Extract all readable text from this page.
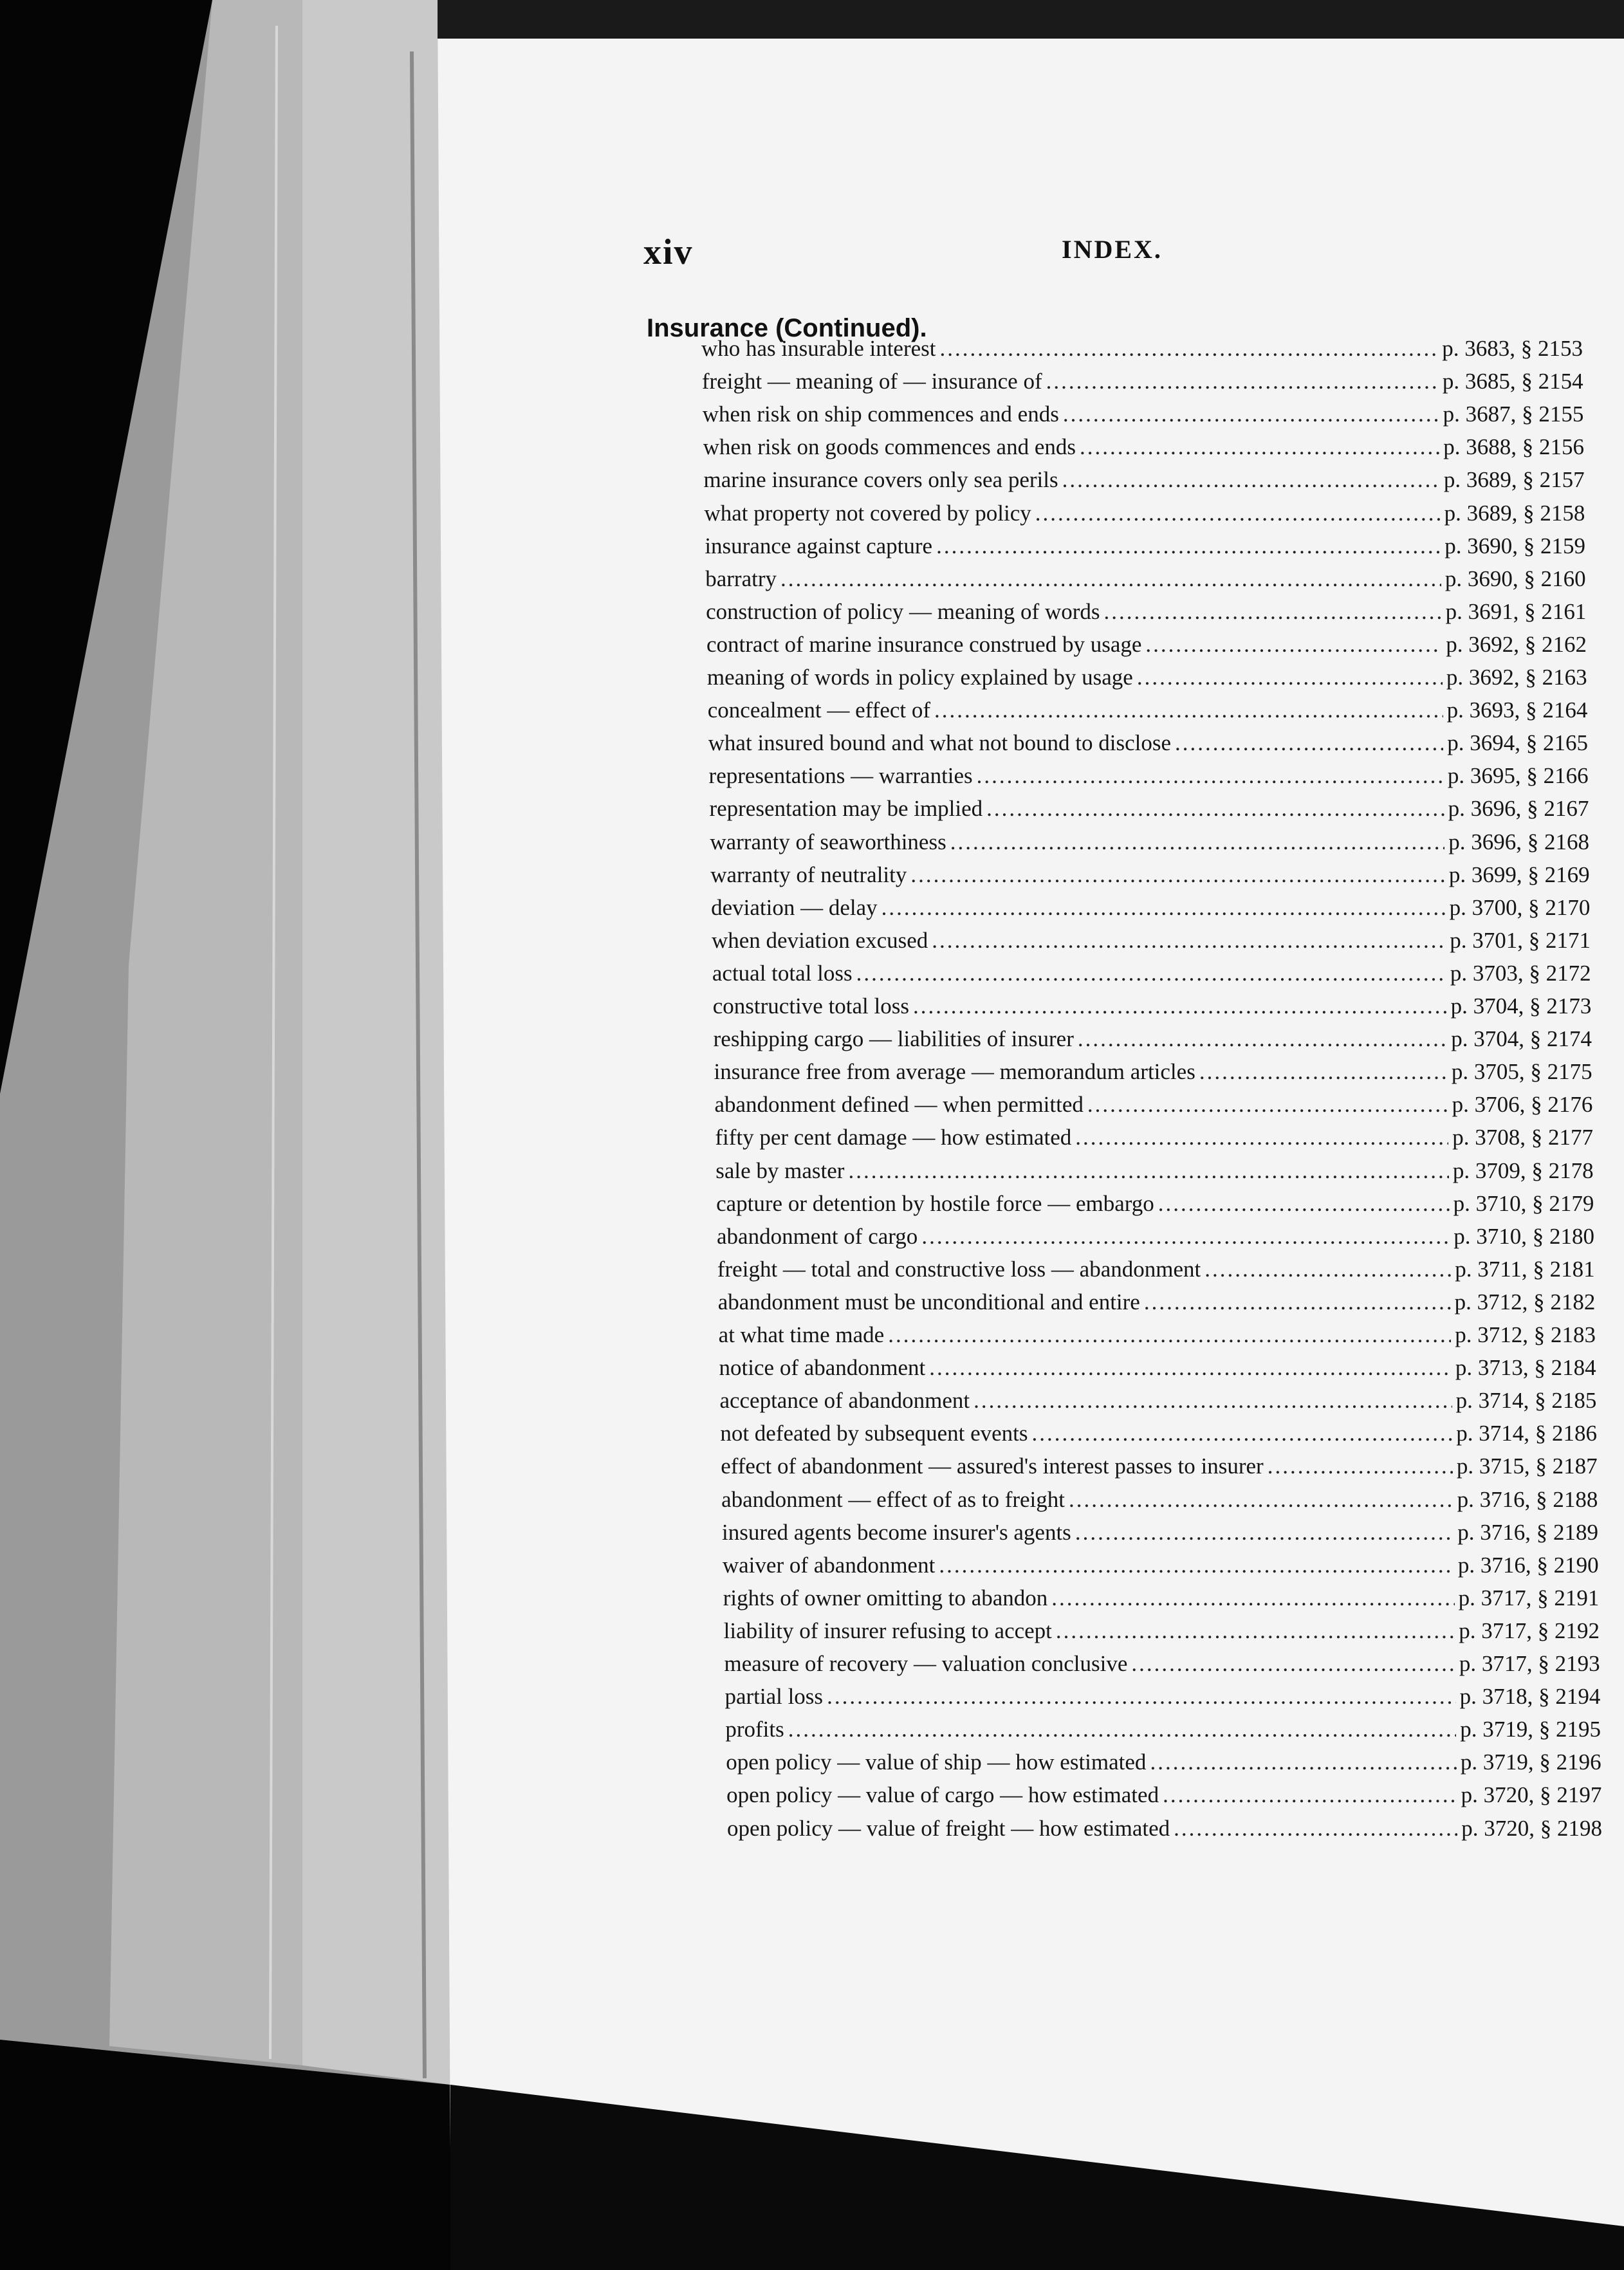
xiv	INDEX.
Insurance (Continued).
who has insurable interest .....	p. 3683, § 2153
freight — meaning of — insurance of .....	p. 3685, § 2154
when risk on ship commences and ends .....	p. 3687, § 2155
when risk on goods commences and ends .....	p. 3688, § 2156
marine insurance covers only sea perils .....	p. 3689, § 2157
what property not covered by policy .....	p. 3689, § 2158
insurance against capture .....	p. 3690, § 2159
barratry .....	p. 3690, § 2160
construction of policy — meaning of words .....	p. 3691, § 2161
contract of marine insurance construed by usage .....	p. 3692, § 2162
meaning of words in policy explained by usage .....	p. 3692, § 2163
concealment — effect of .....	p. 3693, § 2164
what insured bound and what not bound to disclose .....	p. 3694, § 2165
representations — warranties .....	p. 3695, § 2166
representation may be implied .....	p. 3696, § 2167
warranty of seaworthiness .....	p. 3696, § 2168
warranty of neutrality .....	p. 3699, § 2169
deviation — delay .....	p. 3700, § 2170
when deviation excused .....	p. 3701, § 2171
actual total loss .....	p. 3703, § 2172
constructive total loss .....	p. 3704, § 2173
reshipping cargo — liabilities of insurer .....	p. 3704, § 2174
insurance free from average — memorandum articles .....	p. 3705, § 2175
abandonment defined — when permitted .....	p. 3706, § 2176
fifty per cent damage — how estimated .....	p. 3708, § 2177
sale by master .....	p. 3709, § 2178
capture or detention by hostile force — embargo .....	p. 3710, § 2179
abandonment of cargo .....	p. 3710, § 2180
freight — total and constructive loss — abandonment .....	p. 3711, § 2181
abandonment must be unconditional and entire .....	p. 3712, § 2182
at what time made .....	p. 3712, § 2183
notice of abandonment .....	p. 3713, § 2184
acceptance of abandonment .....	p. 3714, § 2185
not defeated by subsequent events .....	p. 3714, § 2186
effect of abandonment — assured's interest passes to insurer .....	p. 3715, § 2187
abandonment — effect of as to freight .....	p. 3716, § 2188
insured agents become insurer's agents .....	p. 3716, § 2189
waiver of abandonment .....	p. 3716, § 2190
rights of owner omitting to abandon .....	p. 3717, § 2191
liability of insurer refusing to accept .....	p. 3717, § 2192
measure of recovery — valuation conclusive .....	p. 3717, § 2193
partial loss .....	p. 3718, § 2194
profits .....	p. 3719, § 2195
open policy — value of ship — how estimated .....	p. 3719, § 2196
open policy — value of cargo — how estimated .....	p. 3720, § 2197
open policy — value of freight — how estimated .....	p. 3720, § 2198
